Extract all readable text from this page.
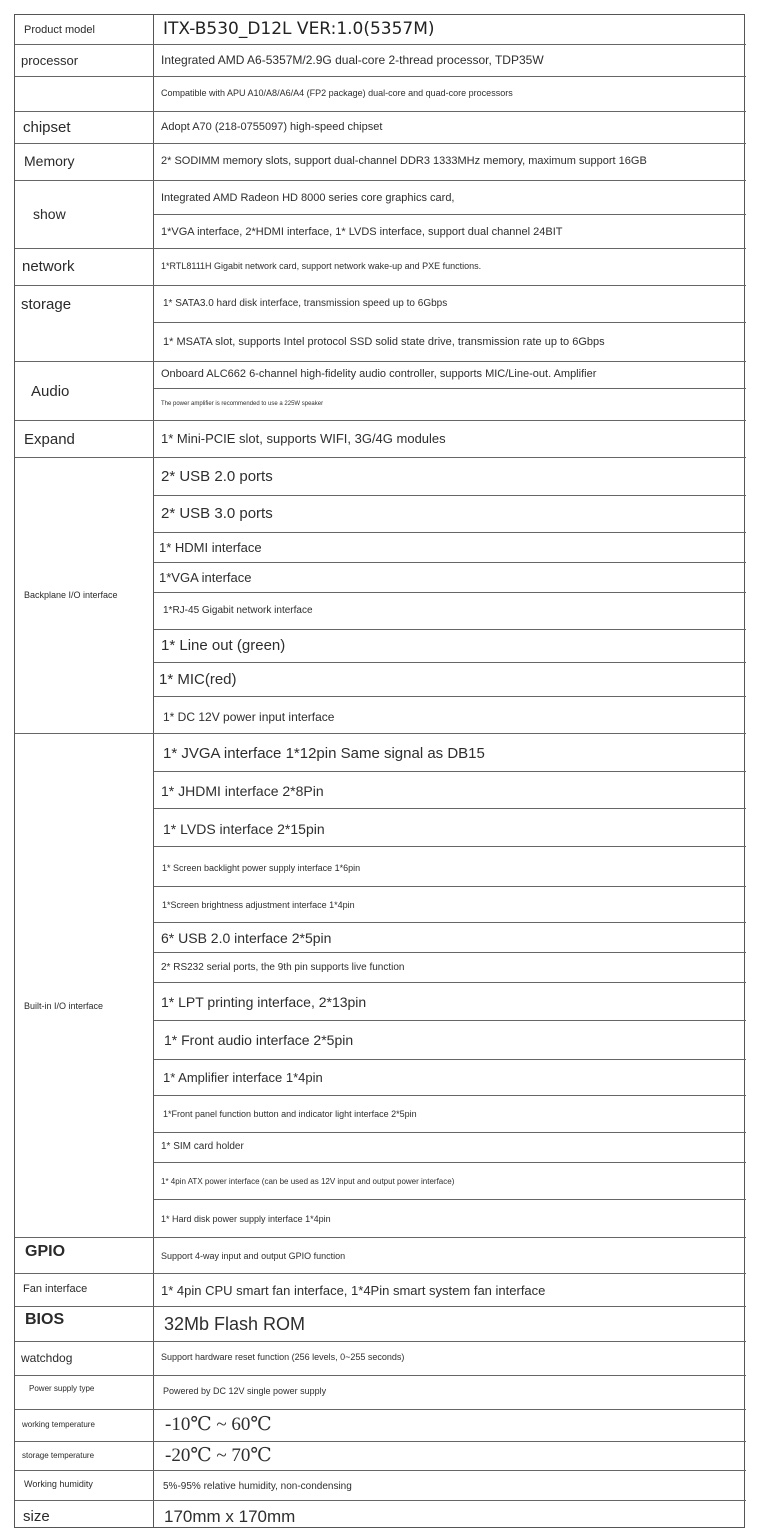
Product model
processor
chipset
Memory
show
network
storage
Audio
Expand
Backplane I/O interface
Built-in I/O interface
GPIO
Fan interface
BIOS
watchdog
Power supply type
working temperature
storage temperature
Working humidity
size
ITX-B530_D12L VER:1.0(5357M)
Integrated AMD A6-5357M/2.9G dual-core 2-thread processor, TDP35W
Compatible with APU A10/A8/A6/A4 (FP2 package) dual-core and quad-core processors
Adopt A70 (218-0755097) high-speed chipset
2* SODIMM memory slots, support dual-channel DDR3 1333MHz memory, maximum support 16GB
Integrated AMD Radeon HD 8000 series core graphics card,
1*VGA interface, 2*HDMI interface, 1* LVDS interface, support dual channel 24BIT
1*RTL8111H Gigabit network card, support network wake-up and PXE functions.
1* SATA3.0 hard disk interface, transmission speed up to 6Gbps
1* MSATA slot, supports Intel protocol SSD solid state drive, transmission rate up to 6Gbps
Onboard ALC662 6-channel high-fidelity audio controller, supports MIC/Line-out. Amplifier
The power amplifier is recommended to use a 225W speaker
1* Mini-PCIE slot, supports WIFI, 3G/4G modules
2* USB 2.0 ports
2* USB 3.0 ports
1* HDMI interface
1*VGA interface
1*RJ-45 Gigabit network interface
1* Line out (green)
1* MIC(red)
1* DC 12V power input interface
1* JVGA interface 1*12pin Same signal as DB15
1* JHDMI interface 2*8Pin
1* LVDS interface 2*15pin
1* Screen backlight power supply interface 1*6pin
1*Screen brightness adjustment interface 1*4pin
6* USB 2.0 interface 2*5pin
2* RS232 serial ports, the 9th pin supports live function
1* LPT printing interface, 2*13pin
1* Front audio interface 2*5pin
1* Amplifier interface 1*4pin
1*Front panel function button and indicator light interface 2*5pin
1* SIM card holder
1* 4pin ATX power interface (can be used as 12V input and output power interface)
1* Hard disk power supply interface 1*4pin
Support 4-way input and output GPIO function
1* 4pin CPU smart fan interface, 1*4Pin smart system fan interface
32Mb Flash ROM
Support hardware reset function (256 levels, 0~255 seconds)
Powered by DC 12V single power supply
-10℃ ~ 60℃
-20℃ ~ 70℃
5%-95% relative humidity, non-condensing
170mm x 170mm
